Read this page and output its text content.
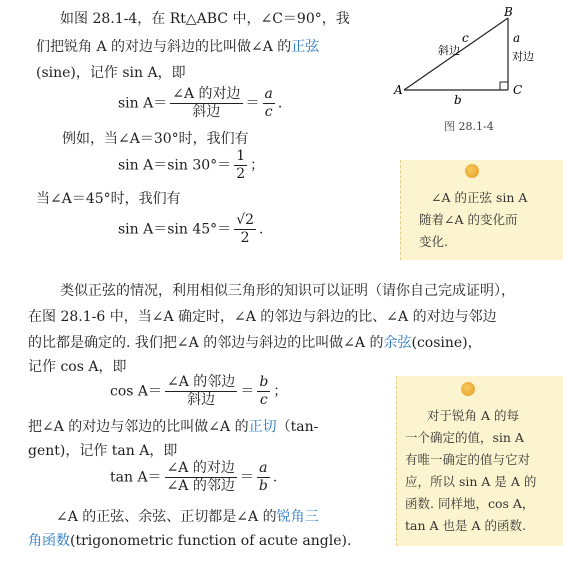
如图 28.1-4，在 Rt△ABC 中，∠C＝90°，我
们把锐角 A 的对边与斜边的比叫做∠A 的正弦
(sine)，记作 sin A，即
$\sin A= \frac{\text{∠A 的对边}}{\text{斜边}} = \frac{a}{c}$ .
例如，当∠A＝30°时，我们有
sin A＝sin $30^\circ= \frac{1}{2}$ ；
当∠A＝45°时，我们有
sin A＝sin $45^\circ= \frac{√2}{2}$ .
A
B
C
a
对边
c
斜边
b
图 28.1-4
∠A 的正弦 sin A
随着∠A 的变化而
变化.
类似正弦的情况，利用相似三角形的知识可以证明（请你自己完成证明），
在图 28.1-6 中，当∠A 确定时，∠A 的邻边与斜边的比、∠A 的对边与邻边
的比都是确定的. 我们把∠A 的邻边与斜边的比叫做∠A 的余弦(cosine)，
记作 cos A，即
$\cos A= \frac{\text{∠A 的邻边}}{\text{斜边}} = \frac{b}{c}$ ；
把∠A 的对边与邻边的比叫做∠A 的正切（tan-
gent)，记作 tan A，即
$\tan A= \frac{\text{∠A 的对边}}{\text{∠A 的邻边}} = \frac{a}{b}$ .
∠A 的正弦、余弦、正切都是∠A 的锐角三
角函数(trigonometric function of acute angle).
对于锐角 A 的每
一个确定的值，sin A
有唯一确定的值与它对
应，所以 sin A 是 A 的
函数. 同样地，cos A，
tan A 也是 A 的函数.
